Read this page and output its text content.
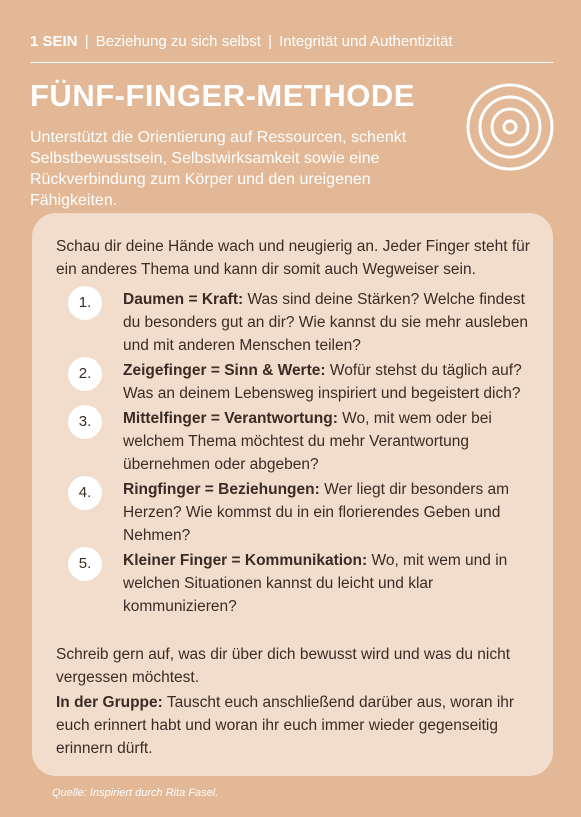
1 SEIN | Beziehung zu sich selbst | Integrität und Authentizität
FÜNF-FINGER-METHODE
Unterstützt die Orientierung auf Ressourcen, schenkt Selbstbewusstsein, Selbstwirksamkeit sowie eine Rückverbindung zum Körper und den ureigenen Fähigkeiten.
Schau dir deine Hände wach und neugierig an. Jeder Finger steht für ein anderes Thema und kann dir somit auch Wegweiser sein.
1.	Daumen = Kraft: Was sind deine Stärken? Welche findest du besonders gut an dir? Wie kannst du sie mehr ausleben und mit anderen Menschen teilen?
2.	Zeigefinger = Sinn & Werte: Wofür stehst du täglich auf? Was an deinem Lebensweg inspiriert und begeistert dich?
3.	Mittelfinger = Verantwortung: Wo, mit wem oder bei welchem Thema möchtest du mehr Verantwortung übernehmen oder abgeben?
4.	Ringfinger = Beziehungen: Wer liegt dir besonders am Herzen? Wie kommst du in ein florierendes Geben und Nehmen?
5.	Kleiner Finger = Kommunikation: Wo, mit wem und in welchen Situationen kannst du leicht und klar kommunizieren?

Schreib gern auf, was dir über dich bewusst wird und was du nicht vergessen möchtest.

In der Gruppe: Tauscht euch anschließend darüber aus, woran ihr euch erinnert habt und woran ihr euch immer wieder gegenseitig erinnern dürft.

Quelle: Inspiriert durch Rita Fasel.
